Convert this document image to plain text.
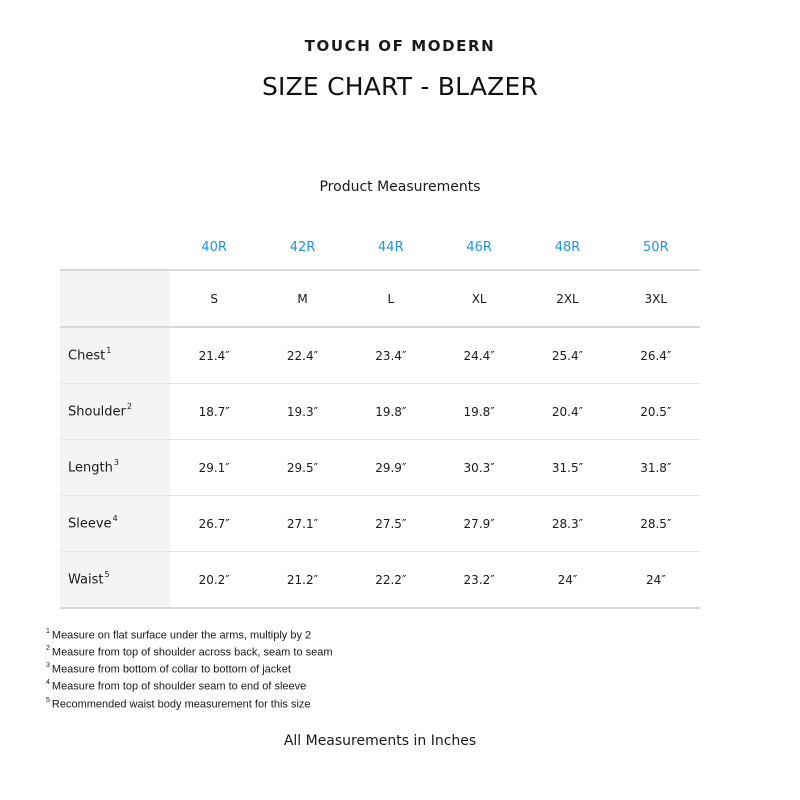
TOUCH OF MODERN
SIZE CHART - BLAZER
Product Measurements
	40R	42R	44R	46R	48R	50R
	S	M	L	XL	2XL	3XL
Chest$^1$	21.4″	22.4″	23.4″	24.4″	25.4″	26.4″
Shoulder$^2$	18.7″	19.3″	19.8″	19.8″	20.4″	20.5″
Length$^3$	29.1″	29.5″	29.9″	30.3″	31.5″	31.8″
Sleeve$^4$	26.7″	27.1″	27.5″	27.9″	28.3″	28.5″
Waist$^5$	20.2″	21.2″	22.2″	23.2″	24″	24″
$^1$ Measure on flat surface under the arms, multiply by 2
$^2$ Measure from top of shoulder across back, seam to seam
$^3$ Measure from bottom of collar to bottom of jacket
$^4$ Measure from top of shoulder seam to end of sleeve
$^5$ Recommended waist body measurement for this size
All Measurements in Inches
